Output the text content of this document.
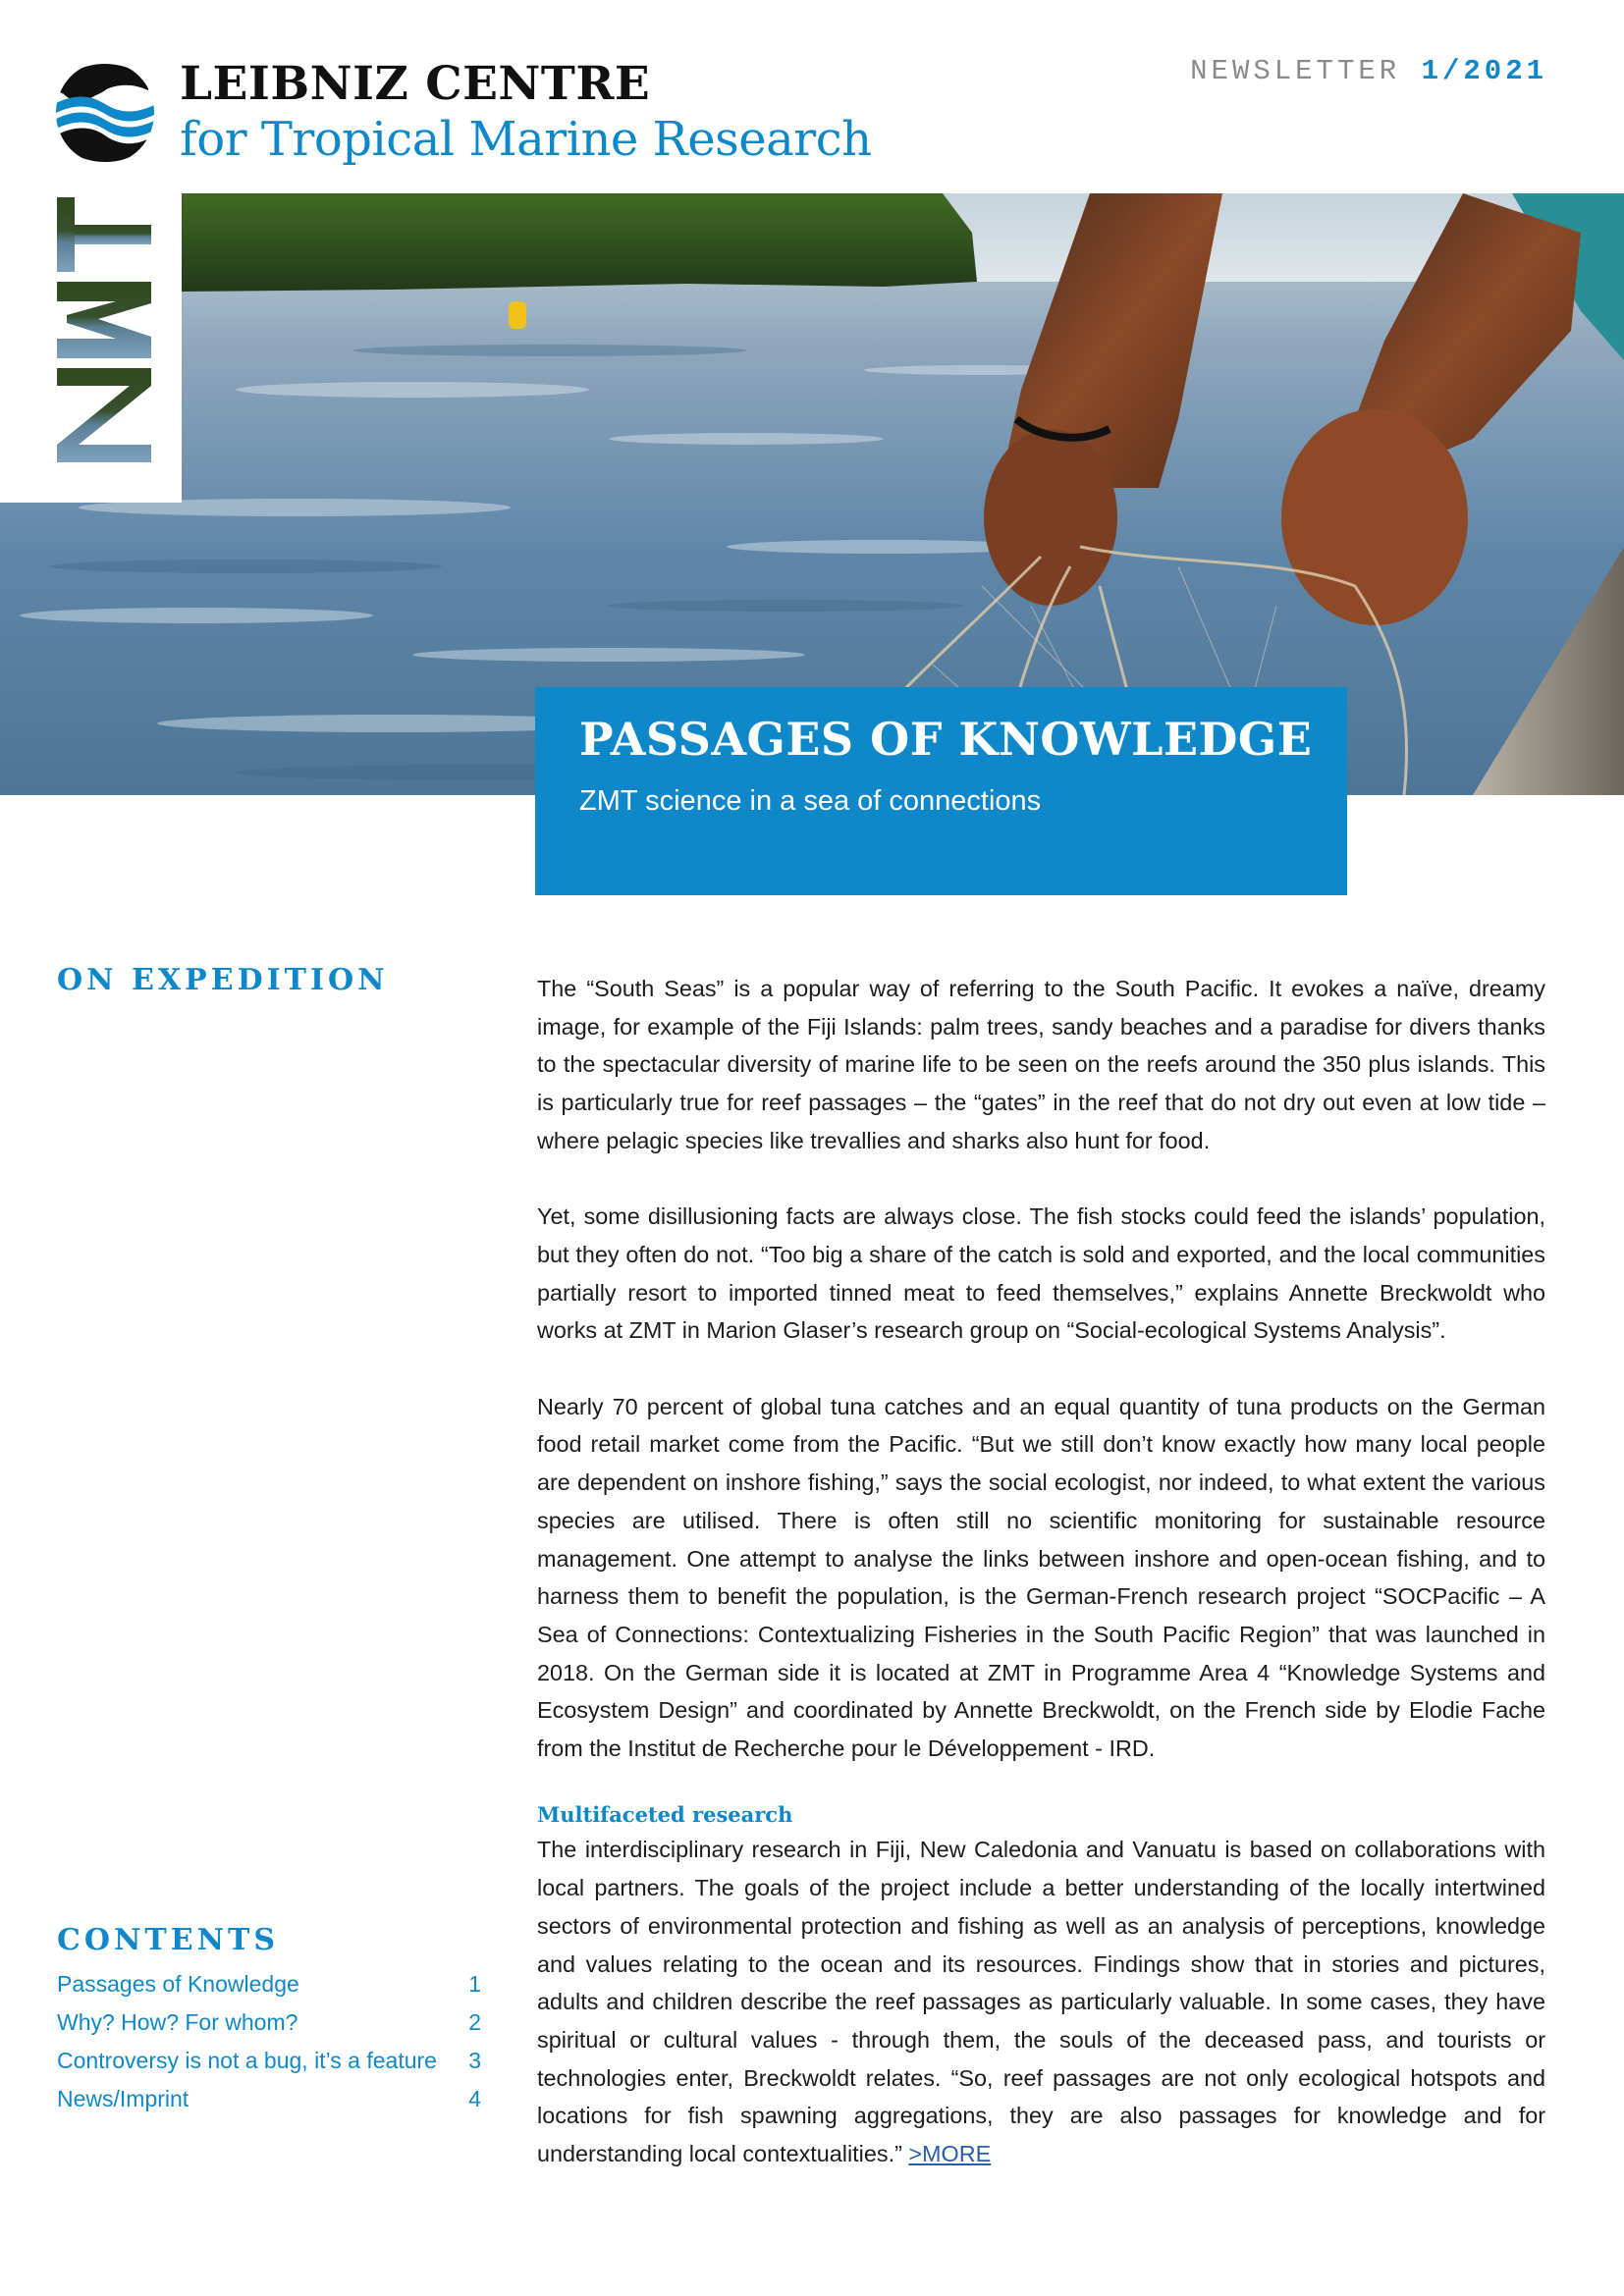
LEIBNIZ CENTRE
for Tropical Marine Research
NEWSLETTER 1/2021
PASSAGES OF KNOWLEDGE
ZMT science in a sea of connections
ON EXPEDITION
CONTENTS
Passages of Knowledge	1
Why? How? For whom?	2
Controversy is not a bug, it’s a feature	3
News/Imprint	4

The “South Seas” is a popular way of referring to the South Pacific. It evokes a naïve, dreamy image, for example of the Fiji Islands: palm trees, sandy beaches and a paradise for divers thanks to the spectacular diversity of marine life to be seen on the reefs around the 350 plus islands. This is particularly true for reef passages – the “gates” in the reef that do not dry out even at low tide – where pelagic species like trevallies and sharks also hunt for food.

Yet, some disillusioning facts are always close. The fish stocks could feed the islands’ population, but they often do not. “Too big a share of the catch is sold and exported, and the local communities partially resort to imported tinned meat to feed themselves,” explains Annette Breckwoldt who works at ZMT in Marion Glaser’s research group on “Social-ecological Systems Analysis”.

Nearly 70 percent of global tuna catches and an equal quantity of tuna products on the German food retail market come from the Pacific. “But we still don’t know exactly how many local people are dependent on inshore fishing,” says the social ecologist, nor indeed, to what extent the various species are utilised. There is often still no scientific monitoring for sustainable resource management. One attempt to analyse the links between inshore and open-ocean fishing, and to harness them to benefit the population, is the German-French research project “SOCPacific – A Sea of Connections: Contextualizing Fisheries in the South Pacific Region” that was launched in 2018. On the German side it is located at ZMT in Programme Area 4 “Knowledge Systems and Ecosystem Design” and coordinated by Annette Breckwoldt, on the French side by Elodie Fache from the Institut de Recherche pour le Développement - IRD.

Multifaceted research

The interdisciplinary research in Fiji, New Caledonia and Vanuatu is based on collaborations with local partners. The goals of the project include a better understanding of the locally intertwined sectors of environmental protection and fishing as well as an analysis of perceptions, knowledge and values relating to the ocean and its resources. Findings show that in stories and pictures, adults and children describe the reef passages as particularly valuable. In some cases, they have spiritual or cultural values - through them, the souls of the deceased pass, and tourists or technologies enter, Breckwoldt relates. “So, reef passages are not only ecological hotspots and locations for fish spawning aggregations, they are also passages for knowledge and for understanding local contextualities.” >MORE
